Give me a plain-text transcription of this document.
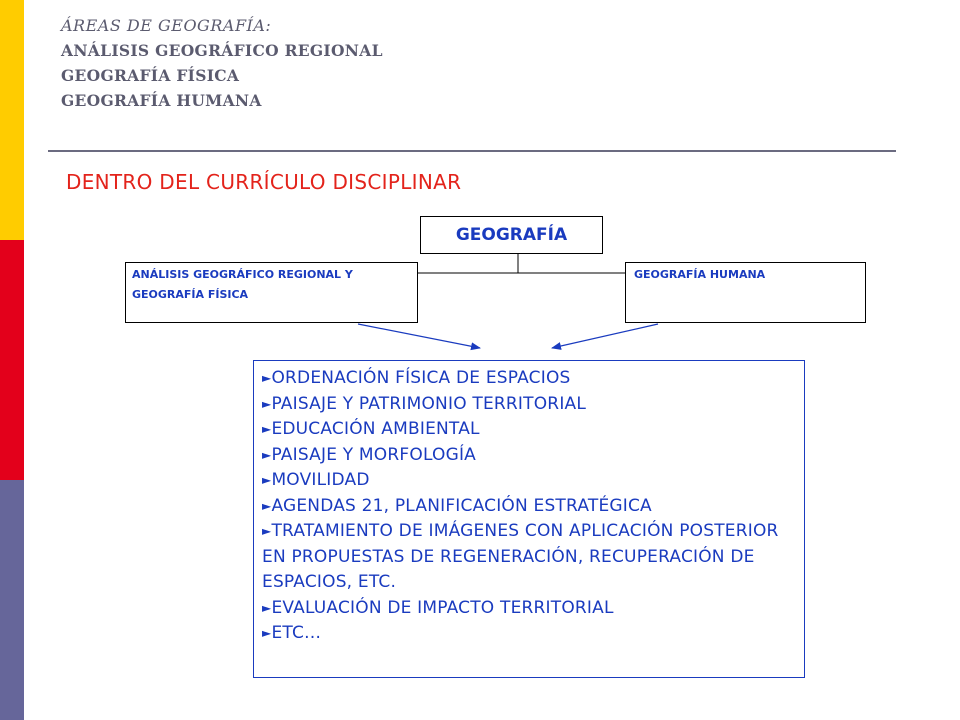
ÁREAS DE GEOGRAFÍA:
ANÁLISIS GEOGRÁFICO REGIONAL
GEOGRAFÍA FÍSICA
GEOGRAFÍA HUMANA
DENTRO DEL CURRÍCULO DISCIPLINAR
GEOGRAFÍA
ANÁLISIS GEOGRÁFICO REGIONAL Y GEOGRAFÍA FÍSICA
GEOGRAFÍA HUMANA
►ORDENACIÓN FÍSICA DE ESPACIOS
►PAISAJE Y PATRIMONIO TERRITORIAL
►EDUCACIÓN AMBIENTAL
►PAISAJE Y MORFOLOGÍA
►MOVILIDAD
►AGENDAS 21, PLANIFICACIÓN ESTRATÉGICA
►TRATAMIENTO DE IMÁGENES CON APLICACIÓN POSTERIOR EN PROPUESTAS DE REGENERACIÓN, RECUPERACIÓN DE ESPACIOS, ETC.
►EVALUACIÓN DE IMPACTO TERRITORIAL
►ETC…
